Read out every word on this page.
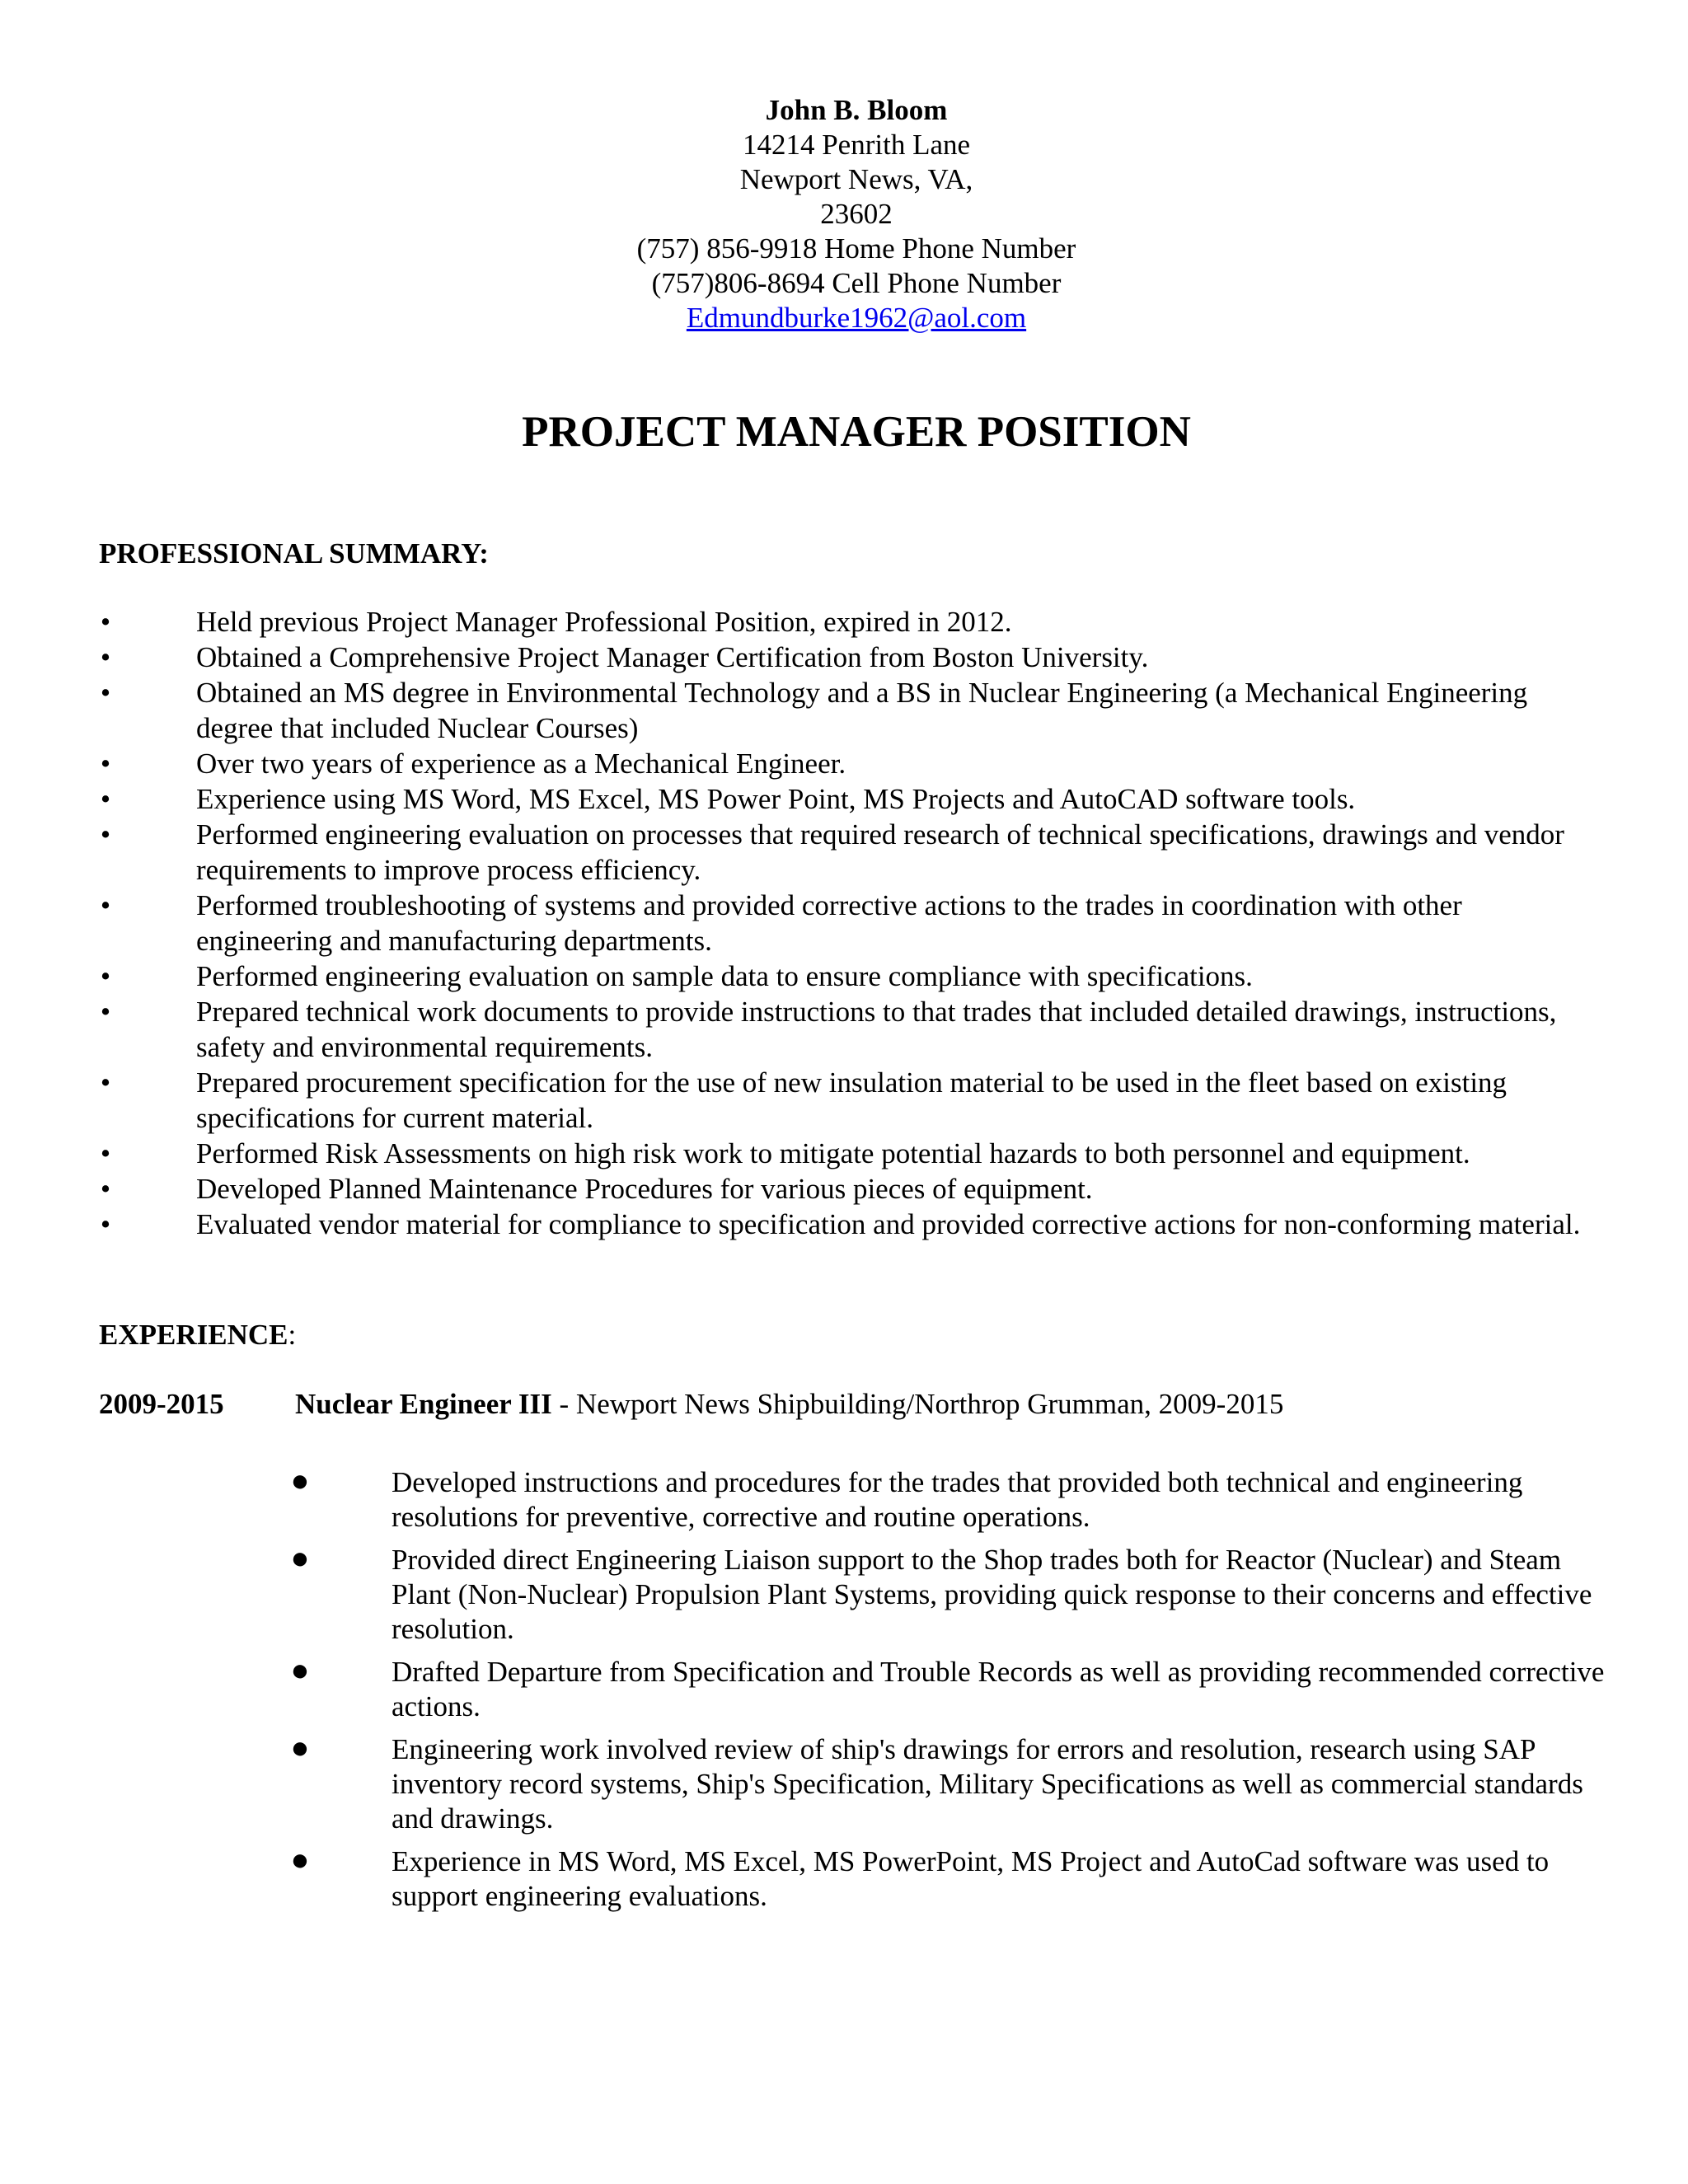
John B. Bloom
14214 Penrith Lane
Newport News, VA,
23602
(757) 856-9918 Home Phone Number
(757)806-8694 Cell Phone Number
Edmundburke1962@aol.com
PROJECT MANAGER POSITION
PROFESSIONAL SUMMARY:
•	Held previous Project Manager Professional Position, expired in 2012.
•	Obtained a Comprehensive Project Manager Certification from Boston University.
•	Obtained an MS degree in Environmental Technology and a BS in Nuclear Engineering (a Mechanical Engineering degree that included Nuclear Courses)
•	Over two years of experience as a Mechanical Engineer.
•	Experience using MS Word, MS Excel, MS Power Point, MS Projects and AutoCAD software tools.
•	Performed engineering evaluation on processes that required research of technical specifications, drawings and vendor requirements to improve process efficiency.
•	Performed troubleshooting of systems and provided corrective actions to the trades in coordination with other engineering and manufacturing departments.
•	Performed engineering evaluation on sample data to ensure compliance with specifications.
•	Prepared technical work documents to provide instructions to that trades that included detailed drawings, instructions, safety and environmental requirements.
•	Prepared procurement specification for the use of new insulation material to be used in the fleet based on existing specifications for current material.
•	Performed Risk Assessments on high risk work to mitigate potential hazards to both personnel and equipment.
•	Developed Planned Maintenance Procedures for various pieces of equipment.
•	Evaluated vendor material for compliance to specification and provided corrective actions for non-conforming material.
EXPERIENCE:
2009-2015 Nuclear Engineer III - Newport News Shipbuilding/Northrop Grumman, 2009-2015
●	Developed instructions and procedures for the trades that provided both technical and engineering resolutions for preventive, corrective and routine operations.
●	Provided direct Engineering Liaison support to the Shop trades both for Reactor (Nuclear) and Steam Plant (Non-Nuclear) Propulsion Plant Systems, providing quick response to their concerns and effective resolution.
●	Drafted Departure from Specification and Trouble Records as well as providing recommended corrective actions.
●	Engineering work involved review of ship's drawings for errors and resolution, research using SAP inventory record systems, Ship's Specification, Military Specifications as well as commercial standards and drawings.
●	Experience in MS Word, MS Excel, MS PowerPoint, MS Project and AutoCad software was used to support engineering evaluations.
